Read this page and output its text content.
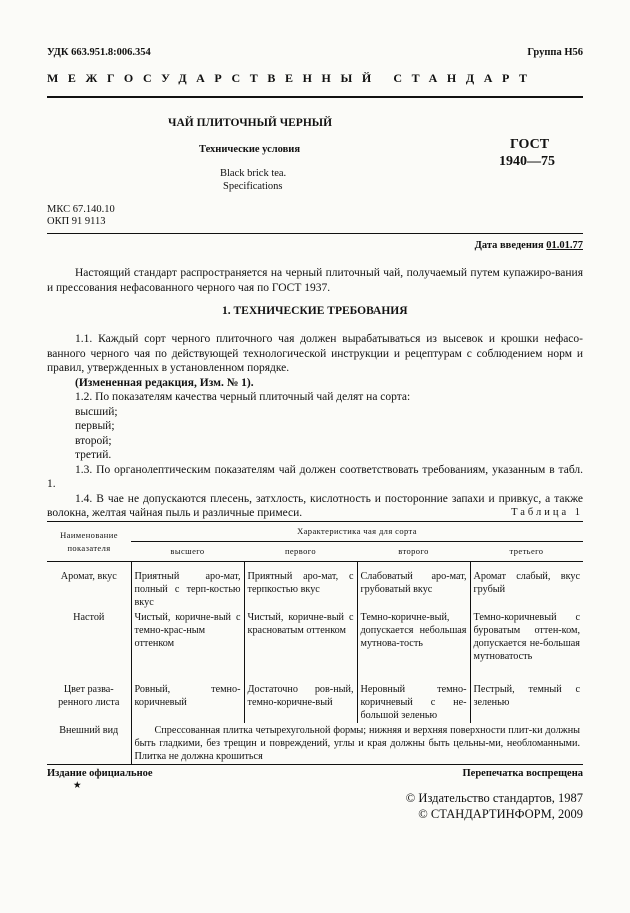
УДК 663.951.8:006.354	Группа Н56
МЕЖГОСУДАРСТВЕННЫЙ СТАНДАРТ
ЧАЙ ПЛИТОЧНЫЙ ЧЕРНЫЙ
Технические условия
Black brick tea.
Specifications
ГОСТ
1940—75
МКС 67.140.10
ОКП 91 9113
Дата введения 01.01.77

Настоящий стандарт распространяется на черный плиточный чай, получаемый путем купажиро-вания и прессования нефасованного черного чая по ГОСТ 1937.

1. ТЕХНИЧЕСКИЕ ТРЕБОВАНИЯ

1.1. Каждый сорт черного плиточного чая должен вырабатываться из высевок и крошки нефасо-ванного черного чая по действующей технологической инструкции и рецептурам с соблюдением норм и правил, утвержденных в установленном порядке.

(Измененная редакция, Изм. № 1).

1.2. По показателям качества черный плиточный чай делят на сорта:

высший;

первый;

второй;

третий.

1.3. По органолептическим показателям чай должен соответствовать требованиям, указанным в табл. 1.

1.4. В чае не допускаются плесень, затхлость, кислотность и посторонние запахи и привкус, а также волокна, желтая чайная пыль и различные примеси.	Таблица 1
Наименование показателя	Характеристика чая для сорта			
	высшего	первого	второго	третьего
Аромат, вкус	Приятный аро-мат, полный с терп-костью вкус	Приятный аро-мат, с терпкостью вкус	Слабоватый аро-мат, грубоватый вкус	Аромат слабый, вкус грубый
Настой	Чистый, коричне-вый с темно-крас-ным оттенком	Чистый, коричне-вый с красноватым оттенком	Темно-коричне-вый, допускается небольшая мутнова-тость	Темно-коричневый с буроватым оттен-ком, допускается не-большая мутноватость
Цвет разва-ренного листа	Ровный, темно-коричневый	Достаточно ров-ный, темно-коричне-вый	Неровный темно-коричневый с не-большой зеленью	Пестрый, темный с зеленью
Внешний вид	Спрессованная плитка четырехугольной формы; нижняя и верхняя поверхности плит-ки должны быть гладкими, без трещин и повреждений, углы и края должны быть цельны-ми, необломанными. Плитка не должна крошиться			
Издание официальное
★
Перепечатка воспрещена
© Издательство стандартов, 1987
© СТАНДАРТИНФОРМ, 2009
